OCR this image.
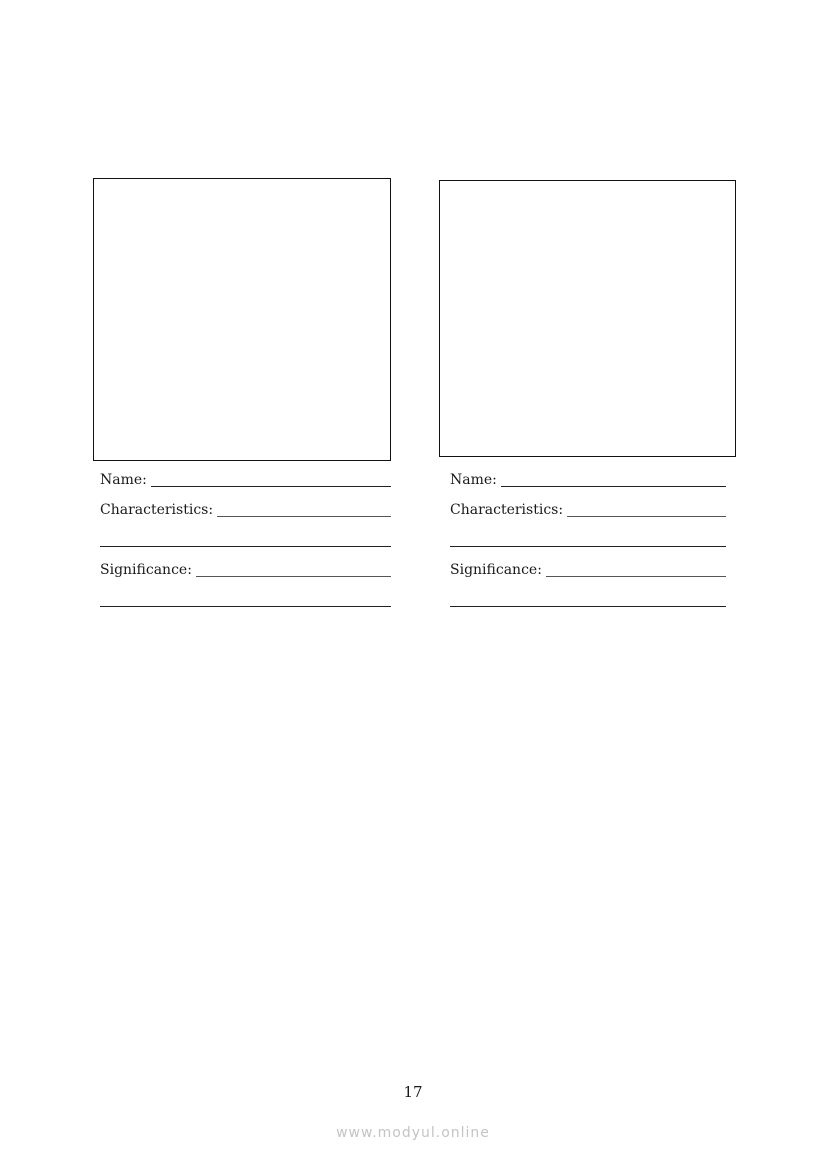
Name:
Characteristics:
Significance:
Name:
Characteristics:
Significance:
17
www.modyul.online
